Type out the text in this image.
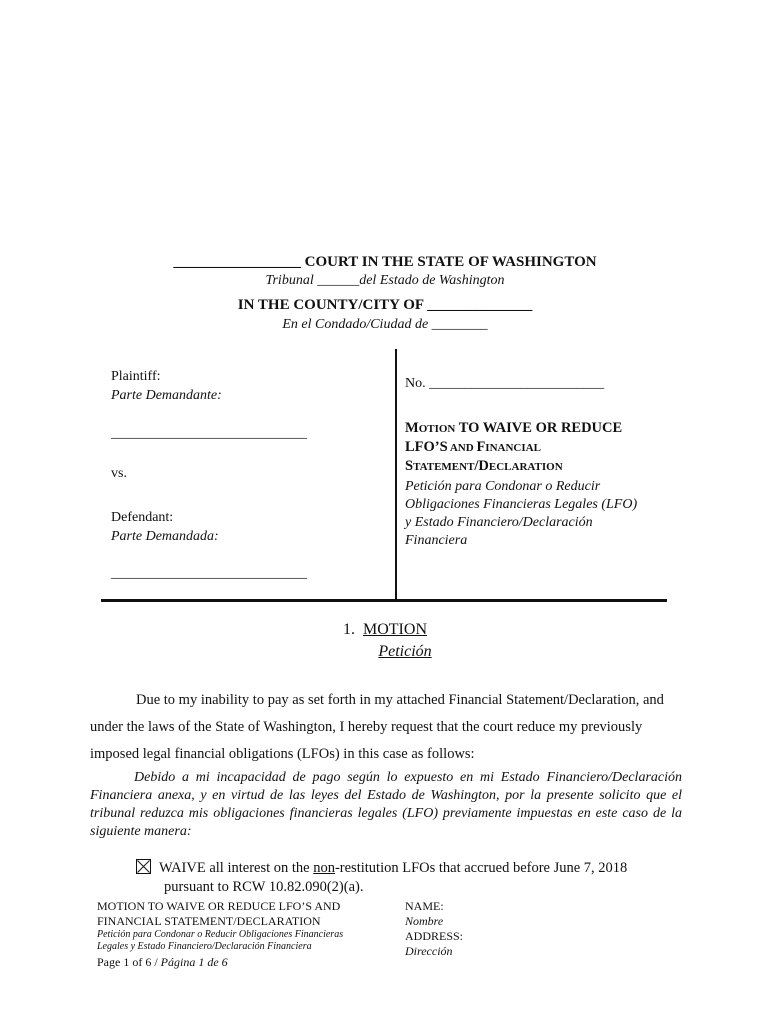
_________________ COURT IN THE STATE OF WASHINGTON
Tribunal ______del Estado de Washington
IN THE COUNTY/CITY OF ______________
En el Condado/Ciudad de ________
Plaintiff:
Parte Demandante:
____________________________
vs.
Defendant:
Parte Demandada:
____________________________
No. _________________________
MOTION TO WAIVE OR REDUCE
LFO’S AND FINANCIAL
STATEMENT/DECLARATION
Petición para Condonar o Reducir
Obligaciones Financieras Legales (LFO)
y Estado Financiero/Declaración
Financiera
1. MOTION
Petición
Due to my inability to pay as set forth in my attached Financial Statement/Declaration, and
under the laws of the State of Washington, I hereby request that the court reduce my previously
imposed legal financial obligations (LFOs) in this case as follows:
Debido a mi incapacidad de pago según lo expuesto en mi Estado Financiero/Declaración Financiera anexa, y en virtud de las leyes del Estado de Washington, por la presente solicito que el tribunal reduzca mis obligaciones financieras legales (LFO) previamente impuestas en este caso de la siguiente manera:
WAIVE all interest on the non-restitution LFOs that accrued before June 7, 2018
pursuant to RCW 10.82.090(2)(a).
MOTION TO WAIVE OR REDUCE LFO’S AND
FINANCIAL STATEMENT/DECLARATION
Petición para Condonar o Reducir Obligaciones Financieras
Legales y Estado Financiero/Declaración Financiera
Page 1 of 6 / Página 1 de 6
NAME:
Nombre
ADDRESS:
Dirección
